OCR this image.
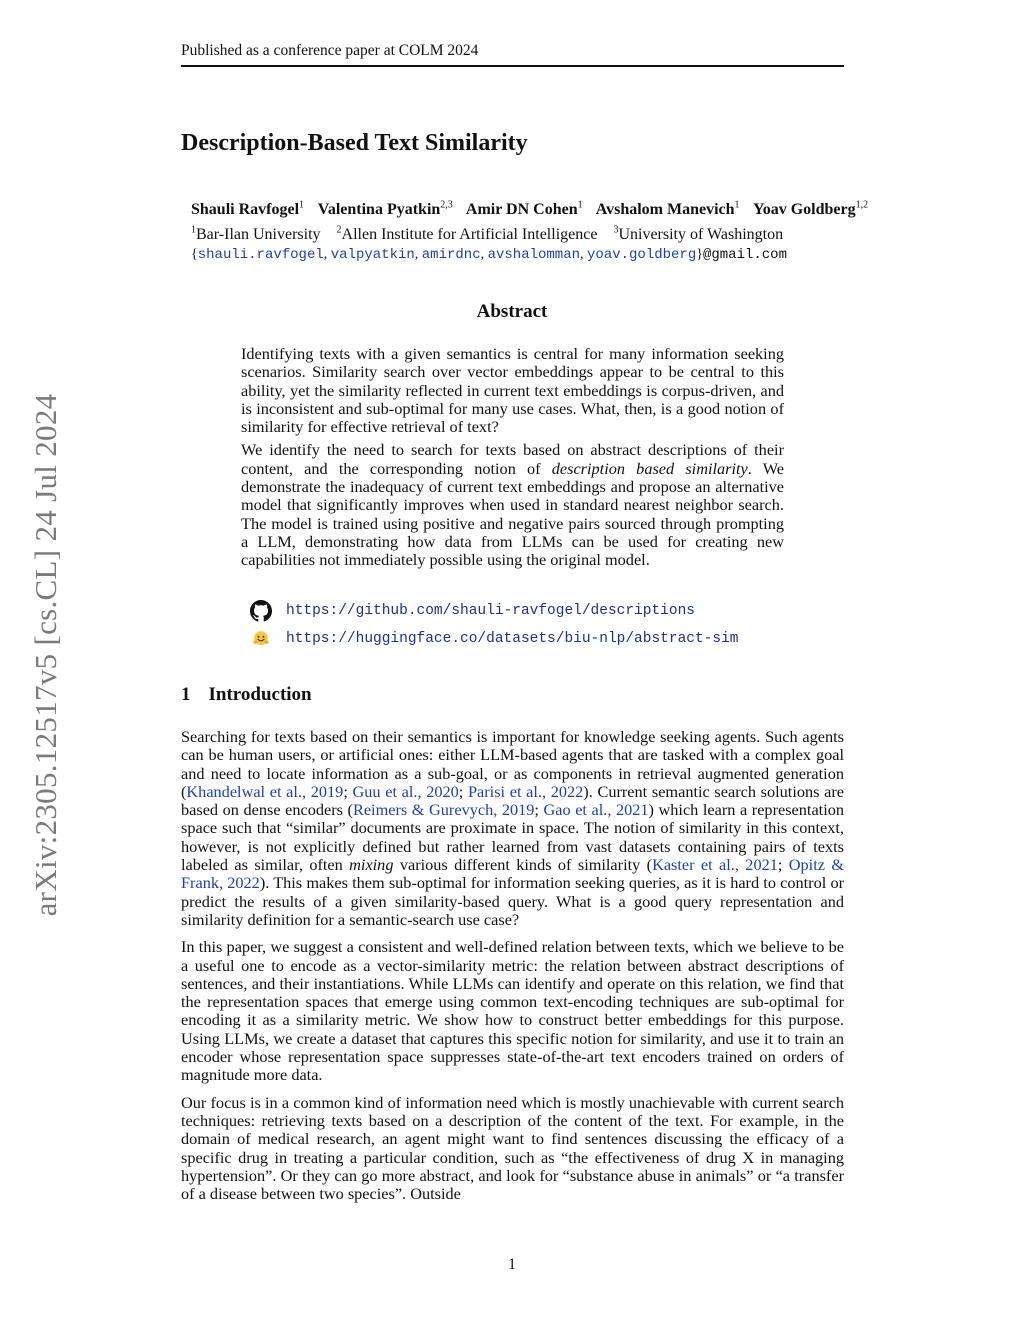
Published as a conference paper at COLM 2024
Description-Based Text Similarity
Shauli Ravfogel$^1$ Valentina Pyatkin$^{2,3}$ Amir DN Cohen$^1$ Avshalom Manevich$^1$ Yoav Goldberg$^{1,2}$
$^1$Bar-Ilan University $^2$Allen Institute for Artificial Intelligence $^3$University of Washington
{shauli.ravfogel, valpyatkin, amirdnc, avshalomman, yoav.goldberg}@gmail.com
arXiv:2305.12517v5 [cs.CL] 24 Jul 2024
Abstract

Identifying texts with a given semantics is central for many information seeking scenarios. Similarity search over vector embeddings appear to be central to this ability, yet the similarity reflected in current text embeddings is corpus-driven, and is inconsistent and sub-optimal for many use cases. What, then, is a good notion of similarity for effective retrieval of text?

We identify the need to search for texts based on abstract descriptions of their content, and the corresponding notion of description based similarity. We demonstrate the inadequacy of current text embeddings and propose an alternative model that significantly improves when used in standard nearest neighbor search. The model is trained using positive and negative pairs sourced through prompting a LLM, demonstrating how data from LLMs can be used for creating new capabilities not immediately possible using the original model.

https://github.com/shauli-ravfogel/descriptions
https://huggingface.co/datasets/biu-nlp/abstract-sim
1 Introduction

Searching for texts based on their semantics is important for knowledge seeking agents. Such agents can be human users, or artificial ones: either LLM-based agents that are tasked with a complex goal and need to locate information as a sub-goal, or as components in retrieval augmented generation (Khandelwal et al., 2019; Guu et al., 2020; Parisi et al., 2022). Current semantic search solutions are based on dense encoders (Reimers & Gurevych, 2019; Gao et al., 2021) which learn a representation space such that “similar” documents are proximate in space. The notion of similarity in this context, however, is not explicitly defined but rather learned from vast datasets containing pairs of texts labeled as similar, often mixing various different kinds of similarity (Kaster et al., 2021; Opitz & Frank, 2022). This makes them sub-optimal for information seeking queries, as it is hard to control or predict the results of a given similarity-based query. What is a good query representation and similarity definition for a semantic-search use case?

In this paper, we suggest a consistent and well-defined relation between texts, which we believe to be a useful one to encode as a vector-similarity metric: the relation between abstract descriptions of sentences, and their instantiations. While LLMs can identify and operate on this relation, we find that the representation spaces that emerge using common text-encoding techniques are sub-optimal for encoding it as a similarity metric. We show how to construct better embeddings for this purpose. Using LLMs, we create a dataset that captures this specific notion for similarity, and use it to train an encoder whose representation space suppresses state-of-the-art text encoders trained on orders of magnitude more data.

Our focus is in a common kind of information need which is mostly unachievable with current search techniques: retrieving texts based on a description of the content of the text. For example, in the domain of medical research, an agent might want to find sentences discussing the efficacy of a specific drug in treating a particular condition, such as “the effectiveness of drug X in managing hypertension”. Or they can go more abstract, and look for “substance abuse in animals” or “a transfer of a disease between two species”. Outside

1
